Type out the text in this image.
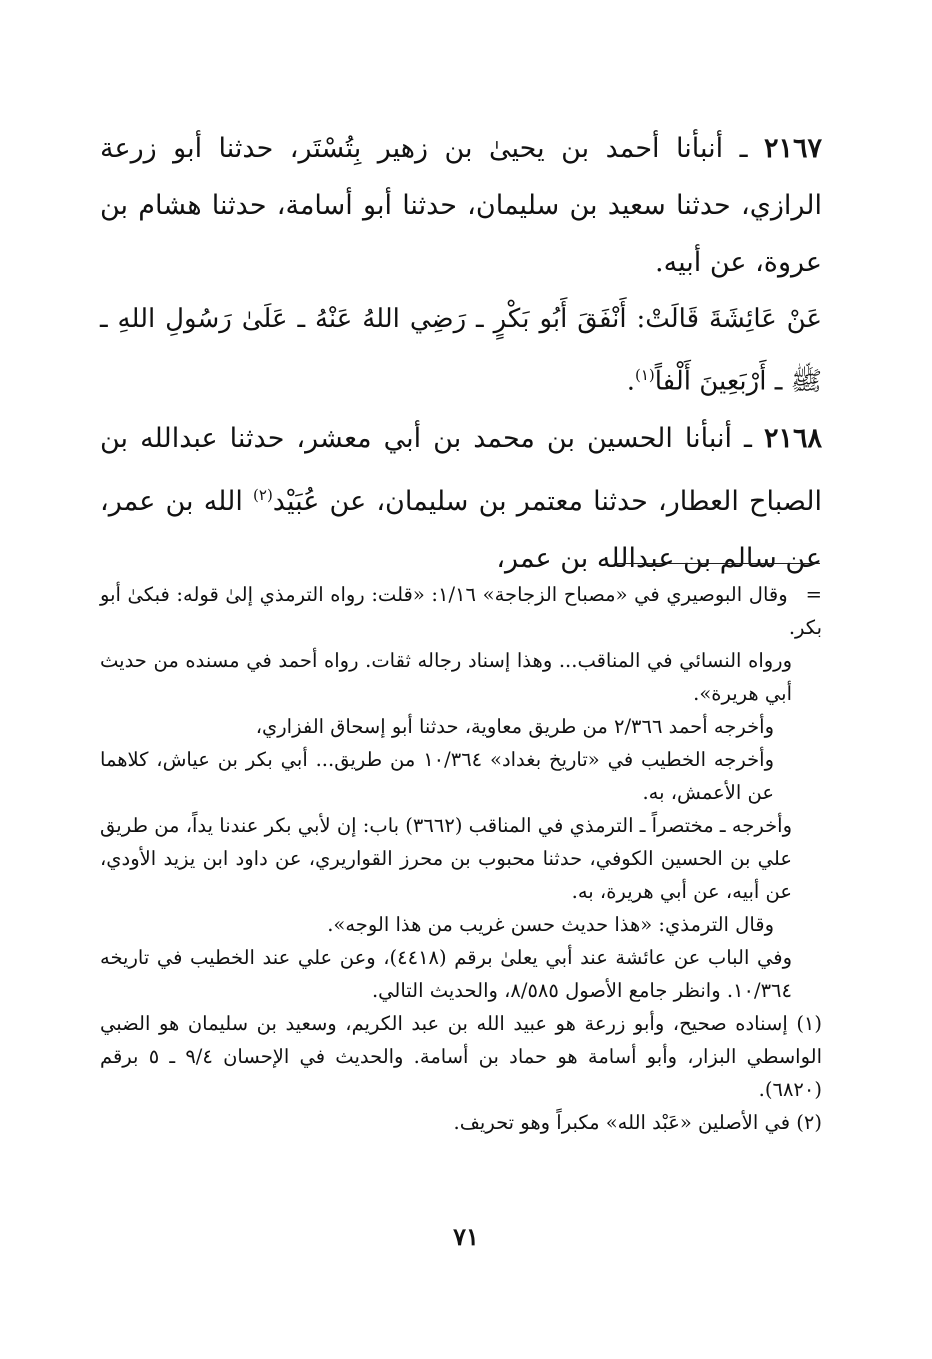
٢١٦٧ ـ أنبأنا أحمد بن يحيىٰ بن زهير بِتُسْتَر، حدثنا أبو زرعة الرازي، حدثنا سعيد بن سليمان، حدثنا أبو أسامة، حدثنا هشام بن عروة، عن أبيه.

عَنْ عَائِشَةَ قَالَتْ: أَنْفَقَ أَبُو بَكْرٍ ـ رَضِي اللهُ عَنْهُ ـ عَلَىٰ رَسُولِ اللهِ ـ ﷺ ـ أَرْبَعِينَ أَلْفاً$^{(١)}$.

٢١٦٨ ـ أنبأنا الحسين بن محمد بن أبي معشر، حدثنا عبدالله بن الصباح العطار، حدثنا معتمر بن سليمان، عن عُبَيْد$^{(٢)}$ الله بن عمر، عن سالم بن عبدالله بن عمر،

=وقال البوصيري في «مصباح الزجاجة» ١/١٦: «قلت: رواه الترمذي إلىٰ قوله: فبكىٰ أبو بكر.

ورواه النسائي في المناقب... وهذا إسناد رجاله ثقات. رواه أحمد في مسنده من حديث أبي هريرة».

وأخرجه أحمد ٢/٣٦٦ من طريق معاوية، حدثنا أبو إسحاق الفزاري،

وأخرجه الخطيب في «تاريخ بغداد» ١٠/٣٦٤ من طريق... أبي بكر بن عياش، كلاهما عن الأعمش، به.

وأخرجه ـ مختصراً ـ الترمذي في المناقب (٣٦٦٢) باب: إن لأبي بكر عندنا يداً، من طريق علي بن الحسين الكوفي، حدثنا محبوب بن محرز القواريري، عن داود ابن يزيد الأودي، عن أبيه، عن أبي هريرة، به.

وقال الترمذي: «هذا حديث حسن غريب من هذا الوجه».

وفي الباب عن عائشة عند أبي يعلىٰ برقم (٤٤١٨)، وعن علي عند الخطيب في تاريخه ١٠/٣٦٤. وانظر جامع الأصول ٨/٥٨٥، والحديث التالي.

(١) إسناده صحيح، وأبو زرعة هو عبيد الله بن عبد الكريم، وسعيد بن سليمان هو الضبي الواسطي البزار، وأبو أسامة هو حماد بن أسامة. والحديث في الإحسان ٩/٤ ـ ٥ برقم (٦٨٢٠).

(٢) في الأصلين «عَبْد الله» مكبراً وهو تحريف.

٧١
